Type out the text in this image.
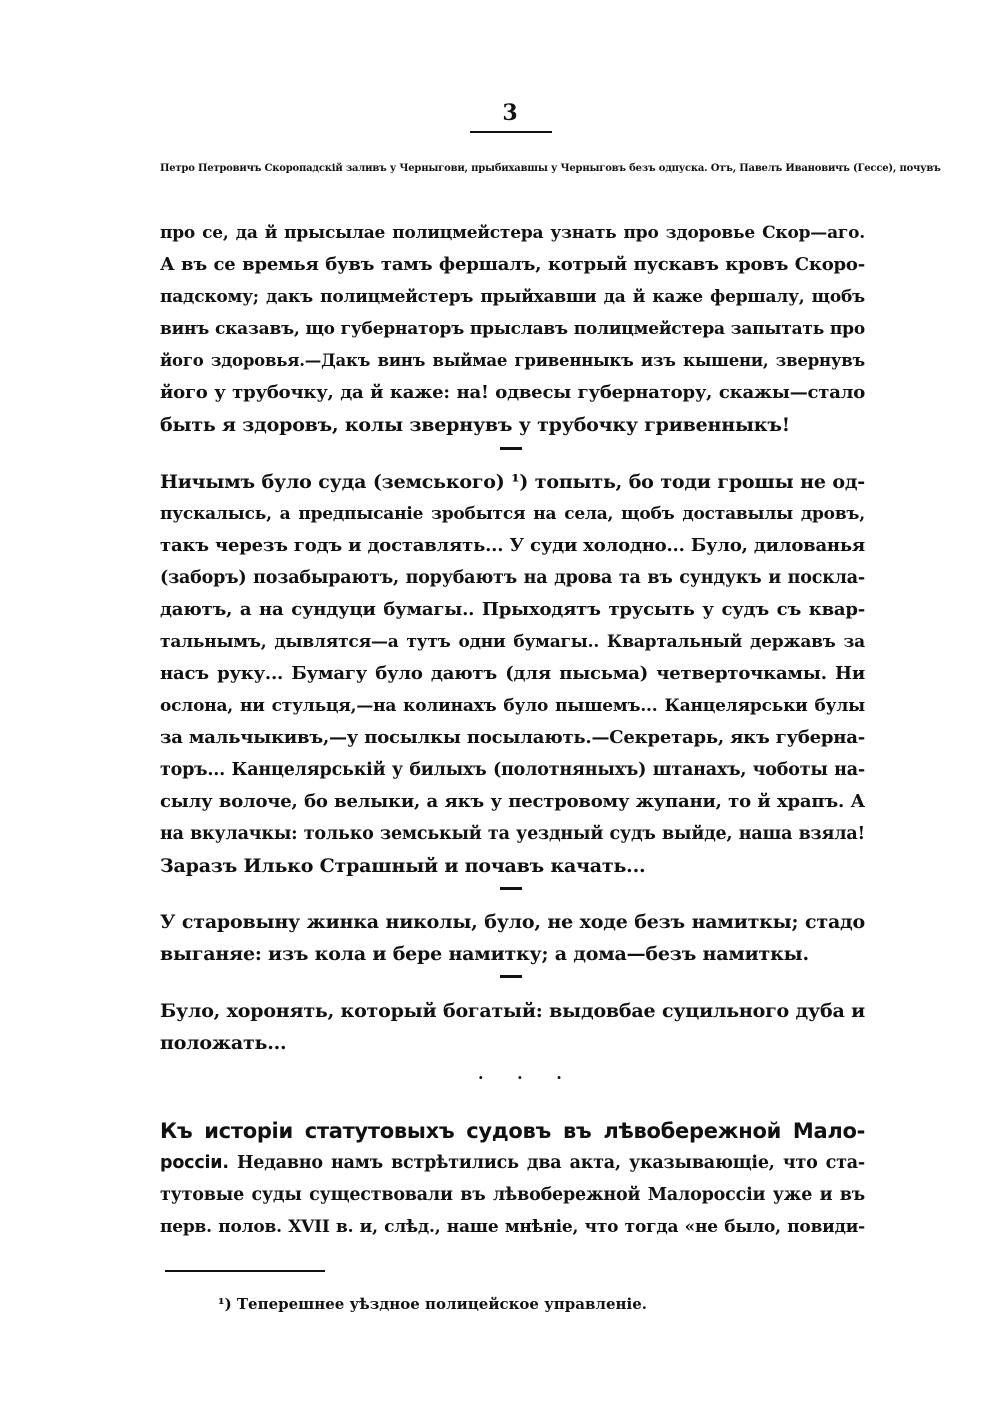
3
Петро Петровичъ Скоропадскій заливъ у Черныгови, прыбихавшы у Черныговъ безъ одпуска. Отъ, Павелъ Ивановичъ (Гессе), почувъ
про се, да й прысылае полицмейстера узнать про здоровье Скор—аго.
А въ се времья бувъ тамъ фершалъ, котрый пускавъ кровъ Скоро-
падскому; дакъ полицмейстеръ прыйхавши да й каже фершалу, щобъ
винъ сказавъ, що губернаторъ прыславъ полицмейстера запытать про
його здоровья.—Дакъ винъ выймае гривенныкъ изъ кышени, звернувъ
його у трубочку, да й каже: на! одвесы губернатору, скажы—стало
быть я здоровъ, колы звернувъ у трубочку гривенныкъ!
Ничымъ було суда (земського) ¹) топыть, бо тоди грошы не од-
пускалысь, а предпысаніе зробытся на села, щобъ доставылы дровъ,
такъ черезъ годъ и доставлять... У суди холодно... Було, дилованья
(заборъ) позабыраютъ, порубаютъ на дрова та въ сундукъ и поскла-
даютъ, а на сундуци бумагы.. Прыходятъ трусыть у судъ съ квар-
тальнымъ, дывлятся—а тутъ одни бумагы.. Квартальный державъ за
насъ руку... Бумагу було даютъ (для пысьма) четверточкамы. Ни
ослона, ни стульця,—на колинахъ було пышемъ... Канцелярськи булы
за мальчыкивъ,—у посылкы посылають.—Секретарь, якъ губерна-
торъ... Канцелярській у билыхъ (полотняныхъ) штанахъ, чоботы на-
сылу волоче, бо велыки, а якъ у пестровому жупани, то й храпъ. А
на вкулачкы: только земськый та уездный судъ выйде, наша взяла!
Заразъ Илько Страшный и почавъ качать...
У старовыну жинка николы, було, не ходе безъ намиткы; стадо
выганяе: изъ кола и бере намитку; а дома—безъ намиткы.
Було, хоронять, который богатый: выдовбае суцильного дуба и
положать...
. . .
Къ исторіи статутовыхъ судовъ въ лѣвобережной Мало-
россіи. Недавно намъ встрѣтились два акта, указывающіе, что ста-
тутовые суды существовали въ лѣвобережной Малороссіи уже и въ
перв. полов. XVII в. и, слѣд., наше мнѣніе, что тогда «не было, повиди-
¹) Теперешнее уѣздное полицейское управленіе.
